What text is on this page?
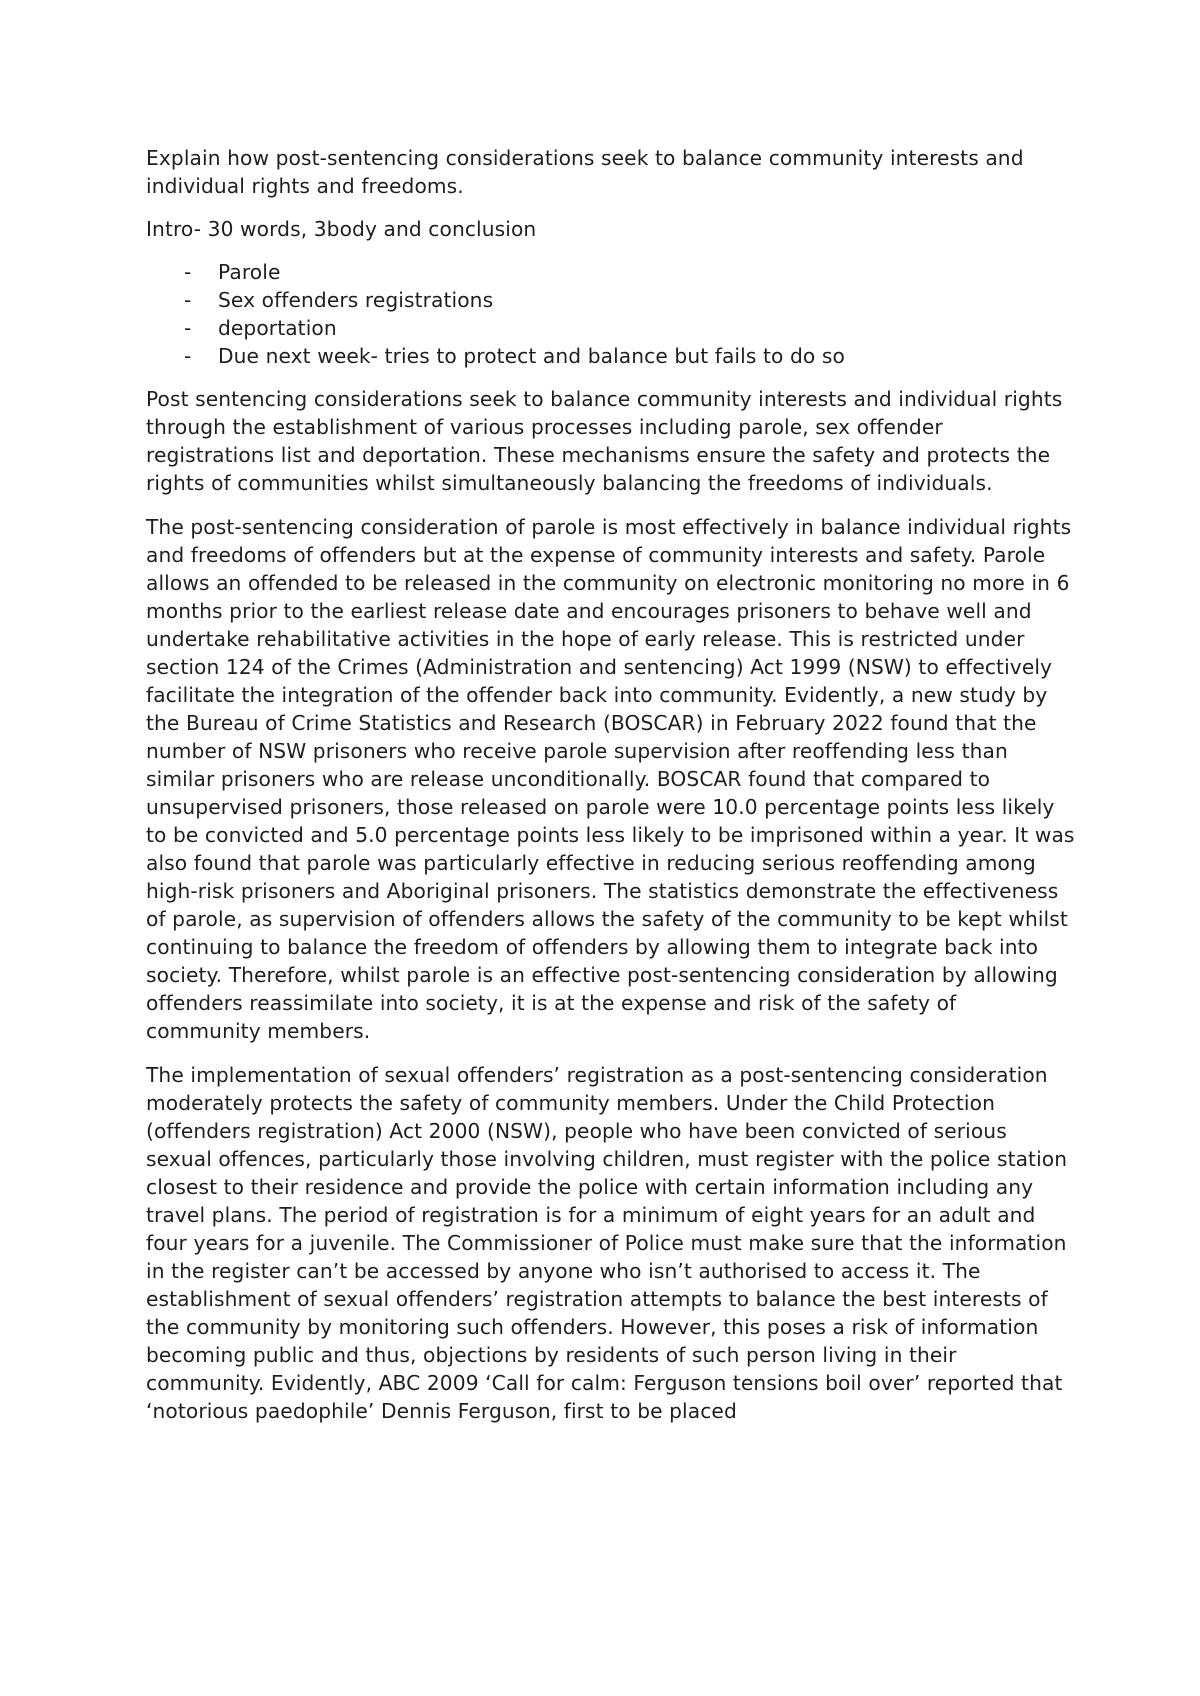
Explain how post-sentencing considerations seek to balance community interests and individual rights and freedoms.

Intro- 30 words, 3body and conclusion

- Parole
- Sex offenders registrations
- deportation
- Due next week- tries to protect and balance but fails to do so

Post sentencing considerations seek to balance community interests and individual rights through the establishment of various processes including parole, sex offender registrations list and deportation. These mechanisms ensure the safety and protects the rights of communities whilst simultaneously balancing the freedoms of individuals.

The post-sentencing consideration of parole is most effectively in balance individual rights and freedoms of offenders but at the expense of community interests and safety. Parole allows an offended to be released in the community on electronic monitoring no more in 6 months prior to the earliest release date and encourages prisoners to behave well and undertake rehabilitative activities in the hope of early release. This is restricted under section 124 of the Crimes (Administration and sentencing) Act 1999 (NSW) to effectively facilitate the integration of the offender back into community. Evidently, a new study by the Bureau of Crime Statistics and Research (BOSCAR) in February 2022 found that the number of NSW prisoners who receive parole supervision after reoffending less than similar prisoners who are release unconditionally. BOSCAR found that compared to unsupervised prisoners, those released on parole were 10.0 percentage points less likely to be convicted and 5.0 percentage points less likely to be imprisoned within a year. It was also found that parole was particularly effective in reducing serious reoffending among high-risk prisoners and Aboriginal prisoners. The statistics demonstrate the effectiveness of parole, as supervision of offenders allows the safety of the community to be kept whilst continuing to balance the freedom of offenders by allowing them to integrate back into society. Therefore, whilst parole is an effective post-sentencing consideration by allowing offenders reassimilate into society, it is at the expense and risk of the safety of community members.

The implementation of sexual offenders’ registration as a post-sentencing consideration moderately protects the safety of community members. Under the Child Protection (offenders registration) Act 2000 (NSW), people who have been convicted of serious sexual offences, particularly those involving children, must register with the police station closest to their residence and provide the police with certain information including any travel plans. The period of registration is for a minimum of eight years for an adult and four years for a juvenile. The Commissioner of Police must make sure that the information in the register can’t be accessed by anyone who isn’t authorised to access it. The establishment of sexual offenders’ registration attempts to balance the best interests of the community by monitoring such offenders. However, this poses a risk of information becoming public and thus, objections by residents of such person living in their community. Evidently, ABC 2009 ‘Call for calm: Ferguson tensions boil over’ reported that ‘notorious paedophile’ Dennis Ferguson, first to be placed
